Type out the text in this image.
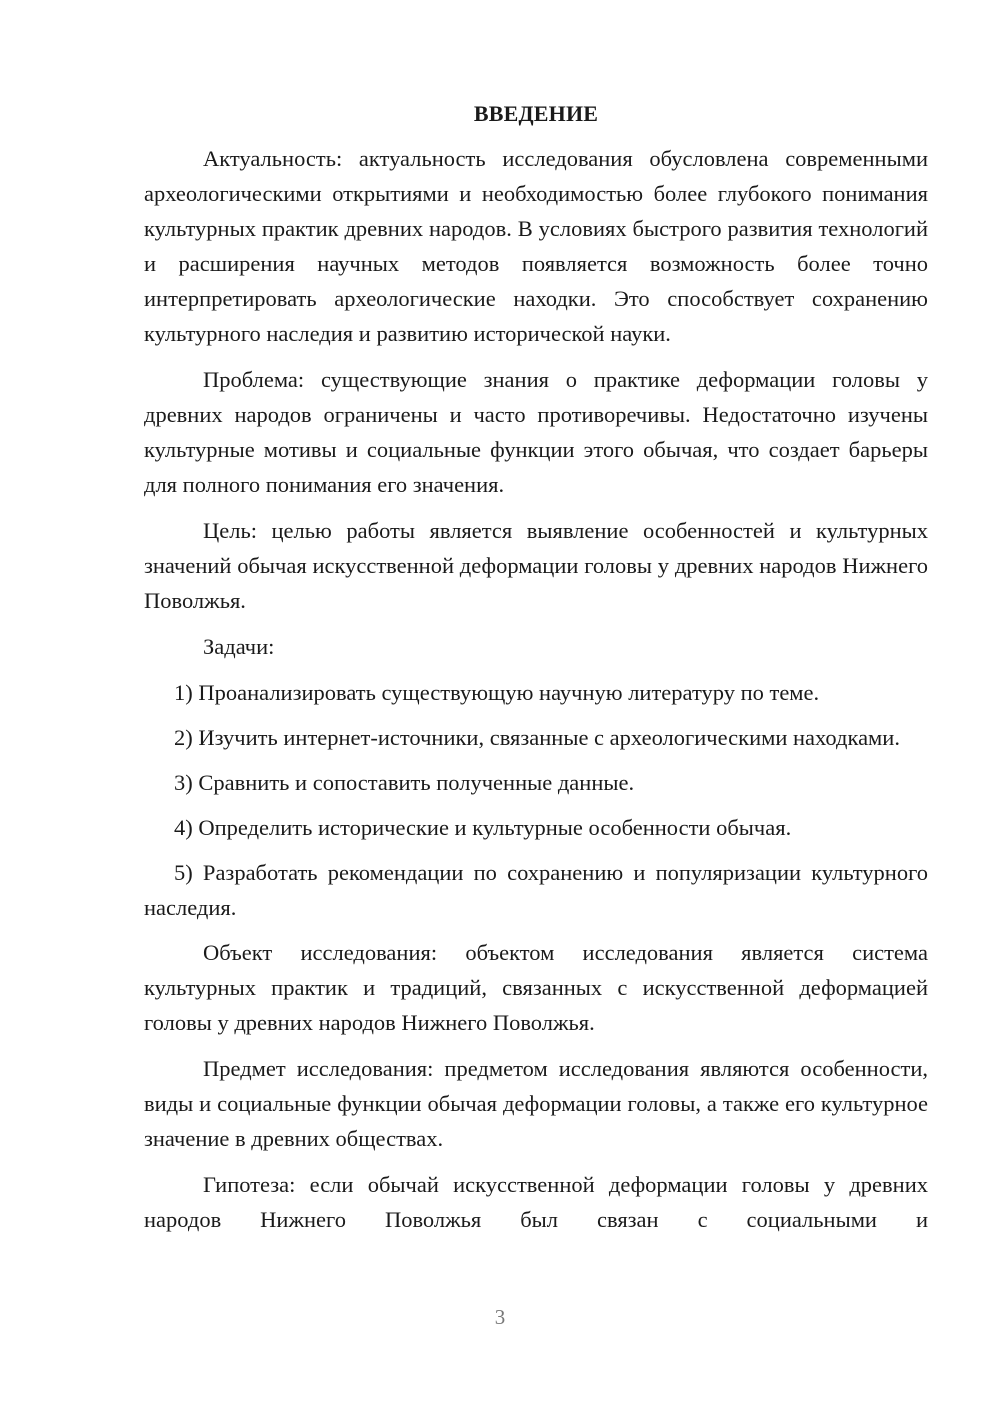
ВВЕДЕНИЕ

Актуальность: актуальность исследования обусловлена современными археологическими открытиями и необходимостью более глубокого понимания культурных практик древних народов. В условиях быстрого развития технологий и расширения научных методов появляется возможность более точно интерпретировать археологические находки. Это способствует сохранению культурного наследия и развитию исторической науки.

Проблема: существующие знания о практике деформации головы у древних народов ограничены и часто противоречивы. Недостаточно изучены культурные мотивы и социальные функции этого обычая, что создает барьеры для полного понимания его значения.

Цель: целью работы является выявление особенностей и культурных значений обычая искусственной деформации головы у древних народов Нижнего Поволжья.

Задачи:

1) Проанализировать существующую научную литературу по теме.

2) Изучить интернет-источники, связанные с археологическими находками.

3) Сравнить и сопоставить полученные данные.

4) Определить исторические и культурные особенности обычая.

5) Разработать рекомендации по сохранению и популяризации культурного наследия.

Объект исследования: объектом исследования является система культурных практик и традиций, связанных с искусственной деформацией головы у древних народов Нижнего Поволжья.

Предмет исследования: предметом исследования являются особенности, виды и социальные функции обычая деформации головы, а также его культурное значение в древних обществах.

Гипотеза: если обычай искусственной деформации головы у древних народов Нижнего Поволжья был связан с социальными и

3
